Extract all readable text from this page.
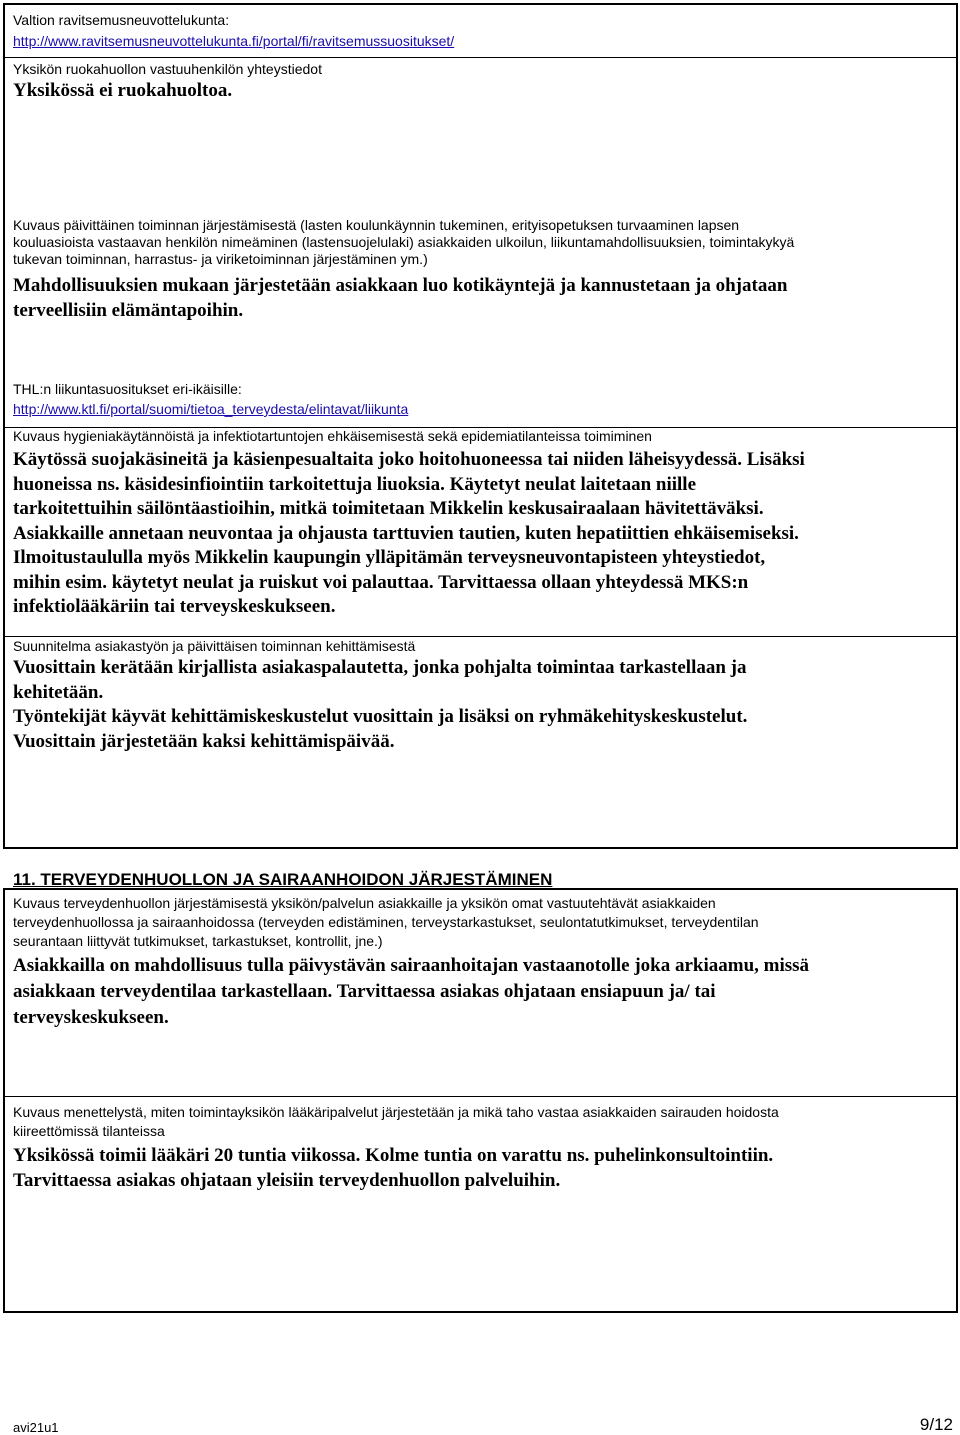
Valtion ravitsemusneuvottelukunta:
http://www.ravitsemusneuvottelukunta.fi/portal/fi/ravitsemussuositukset/
Yksikön ruokahuollon vastuuhenkilön yhteystiedot
Yksikössä ei ruokahuoltoa.
Kuvaus päivittäinen toiminnan järjestämisestä (lasten koulunkäynnin tukeminen, erityisopetuksen turvaaminen lapsen
kouluasioista vastaavan henkilön nimeäminen (lastensuojelulaki) asiakkaiden ulkoilun, liikuntamahdollisuuksien, toimintakykyä
tukevan toiminnan, harrastus- ja viriketoiminnan järjestäminen ym.)
Mahdollisuuksien mukaan järjestetään asiakkaan luo kotikäyntejä ja kannustetaan ja ohjataan
terveellisiin elämäntapoihin.
THL:n liikuntasuositukset eri-ikäisille:
http://www.ktl.fi/portal/suomi/tietoa_terveydesta/elintavat/liikunta
Kuvaus hygieniakäytännöistä ja infektiotartuntojen ehkäisemisestä sekä epidemiatilanteissa toimiminen
Käytössä suojakäsineitä ja käsienpesualtaita joko hoitohuoneessa tai niiden läheisyydessä. Lisäksi
huoneissa ns. käsidesinfiointiin tarkoitettuja liuoksia. Käytetyt neulat laitetaan niille
tarkoitettuihin säilöntäastioihin, mitkä toimitetaan Mikkelin keskusairaalaan hävitettäväksi.
Asiakkaille annetaan neuvontaa ja ohjausta tarttuvien tautien, kuten hepatiittien ehkäisemiseksi.
Ilmoitustaululla myös Mikkelin kaupungin ylläpitämän terveysneuvontapisteen yhteystiedot,
mihin esim. käytetyt neulat ja ruiskut voi palauttaa. Tarvittaessa ollaan yhteydessä MKS:n
infektiolääkäriin tai terveyskeskukseen.
Suunnitelma asiakastyön ja päivittäisen toiminnan kehittämisestä
Vuosittain kerätään kirjallista asiakaspalautetta, jonka pohjalta toimintaa tarkastellaan ja
kehitetään.
Työntekijät käyvät kehittämiskeskustelut vuosittain ja lisäksi on ryhmäkehityskeskustelut.
Vuosittain järjestetään kaksi kehittämispäivää.
11. TERVEYDENHUOLLON JA SAIRAANHOIDON JÄRJESTÄMINEN
Kuvaus terveydenhuollon järjestämisestä yksikön/palvelun asiakkaille ja yksikön omat vastuutehtävät asiakkaiden
terveydenhuollossa ja sairaanhoidossa (terveyden edistäminen, terveystarkastukset, seulontatutkimukset, terveydentilan
seurantaan liittyvät tutkimukset, tarkastukset, kontrollit, jne.)
Asiakkailla on mahdollisuus tulla päivystävän sairaanhoitajan vastaanotolle joka arkiaamu, missä
asiakkaan terveydentilaa tarkastellaan. Tarvittaessa asiakas ohjataan ensiapuun ja/ tai
terveyskeskukseen.
Kuvaus menettelystä, miten toimintayksikön lääkäripalvelut järjestetään ja mikä taho vastaa asiakkaiden sairauden hoidosta
kiireettömissä tilanteissa
Yksikössä toimii lääkäri 20 tuntia viikossa. Kolme tuntia on varattu ns. puhelinkonsultointiin.
Tarvittaessa asiakas ohjataan yleisiin terveydenhuollon palveluihin.
avi21u1	9/12
